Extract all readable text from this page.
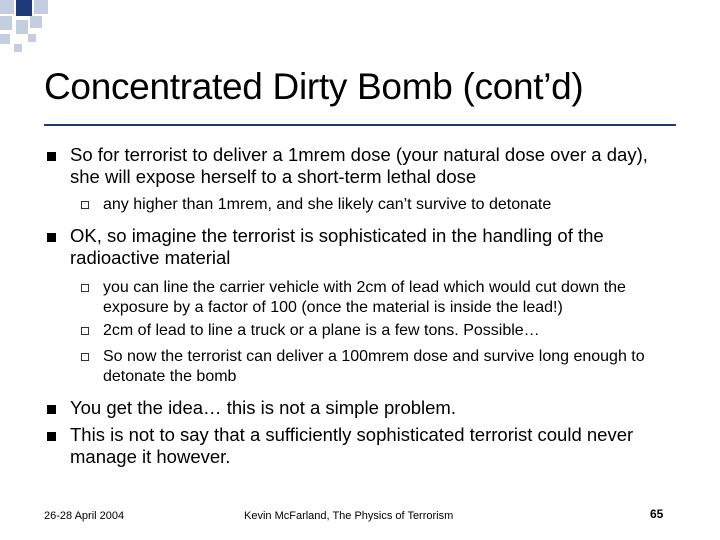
Concentrated Dirty Bomb (cont’d)
So for terrorist to deliver a 1mrem dose (your natural dose over a day), she will expose herself to a short-term lethal dose
any higher than 1mrem, and she likely can’t survive to detonate
OK, so imagine the terrorist is sophisticated in the handling of the radioactive material
you can line the carrier vehicle with 2cm of lead which would cut down the exposure by a factor of 100 (once the material is inside the lead!)
2cm of lead to line a truck or a plane is a few tons. Possible…
So now the terrorist can deliver a 100mrem dose and survive long enough to detonate the bomb
You get the idea… this is not a simple problem.
This is not to say that a sufficiently sophisticated terrorist could never manage it however.
26-28 April 2004	Kevin McFarland, The Physics of Terrorism	65
